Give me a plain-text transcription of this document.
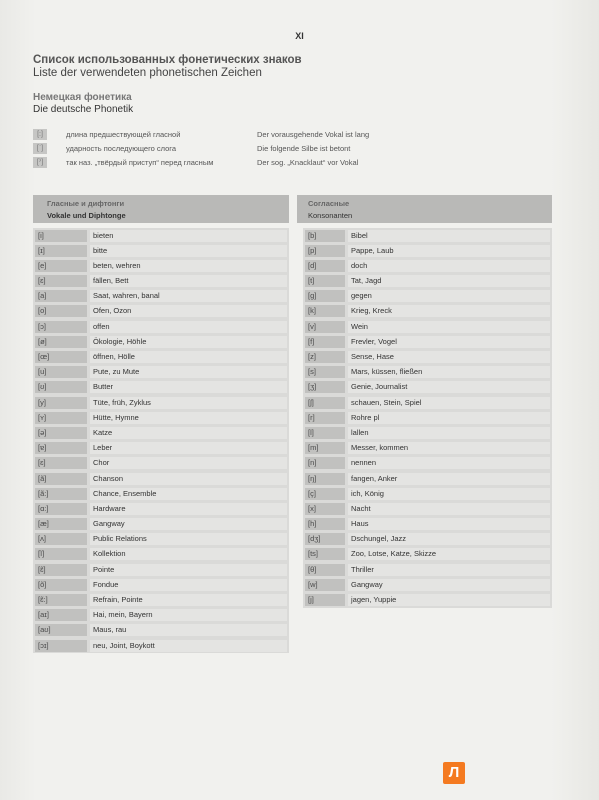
XI
Список использованных фонетических знаков
Liste der verwendeten phonetischen Zeichen
Немецкая фонетика
Die deutsche Phonetik
[:]	длина предшествующей гласной	Der vorausgehende Vokal ist lang
[ˈ]	ударность последующего слога	Die folgende Silbe ist betont
[ˀ]	так наз. „твёрдый приступ“ перед гласным	Der sog. „Knacklaut“ vor Vokal
Гласные и дифтонги
Vokale und Diphtonge
Согласные
Konsonanten
[i]	bieten
[ɪ]	bitte
[e]	beten, wehren
[ɛ]	fällen, Bett
[a]	Saat, wahren, banal
[o]	Ofen, Ozon
[ɔ]	offen
[ø]	Ökologie, Höhle
[œ]	öffnen, Hölle
[u]	Pute, zu Mute
[ʊ]	Butter
[y]	Tüte, früh, Zyklus
[ʏ]	Hütte, Hymne
[ə]	Katze
[ɐ]	Leber
[ɛ]	Chor
[ã]	Chanson
[ã:]	Chance, Ensemble
[ɑ:]	Hardware
[æ]	Gangway
[ʌ]	Public Relations
[ĩ]	Kollektion
[ɛ̃]	Pointe
[õ]	Fondue
[ɛ̃:]	Refrain, Pointe
[aɪ]	Hai, mein, Bayern
[aʊ]	Maus, rau
[ɔɪ]	neu, Joint, Boykott
[b]	Bibel
[p]	Pappe, Laub
[d]	doch
[t]	Tat, Jagd
[g]	gegen
[k]	Krieg, Kreck
[v]	Wein
[f]	Frevler, Vogel
[z]	Sense, Hase
[s]	Mars, küssen, fließen
[ʒ]	Genie, Journalist
[ʃ]	schauen, Stein, Spiel
[r]	Rohre pl
[l]	lallen
[m]	Messer, kommen
[n]	nennen
[ŋ]	fangen, Anker
[ç]	ich, König
[x]	Nacht
[h]	Haus
[dʒ]	Dschungel, Jazz
[ts]	Zoo, Lotse, Katze, Skizze
[θ]	Thriller
[w]	Gangway
[j]	jagen, Yuppie
Л
